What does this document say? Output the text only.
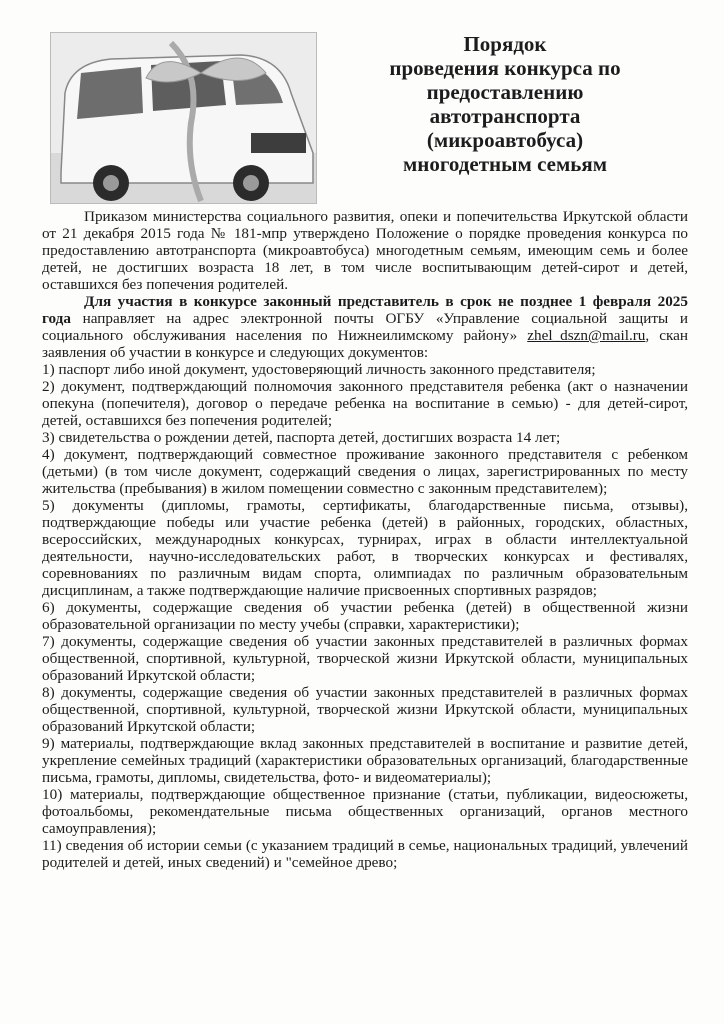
Порядок
проведения конкурса по
предоставлению
автотранспорта
(микроавтобуса)
многодетным семьям

Приказом министерства социального развития, опеки и попечительства Иркутской области от 21 декабря 2015 года № 181-мпр утверждено Положение о порядке проведения конкурса по предоставлению автотранспорта (микроавтобуса) многодетным семьям, имеющим семь и более детей, не достигших возраста 18 лет, в том числе воспитывающим детей-сирот и детей, оставшихся без попечения родителей.

Для участия в конкурсе законный представитель в срок не позднее 1 февраля 2025 года направляет на адрес электронной почты ОГБУ «Управление социальной защиты и социального обслуживания населения по Нижнеилимскому району» zhel_dszn@mail.ru, скан заявления об участии в конкурсе и следующих документов:

1) паспорт либо иной документ, удостоверяющий личность законного представителя;

2) документ, подтверждающий полномочия законного представителя ребенка (акт о назначении опекуна (попечителя), договор о передаче ребенка на воспитание в семью) - для детей-сирот, детей, оставшихся без попечения родителей;

3) свидетельства о рождении детей, паспорта детей, достигших возраста 14 лет;

4) документ, подтверждающий совместное проживание законного представителя с ребенком (детьми) (в том числе документ, содержащий сведения о лицах, зарегистрированных по месту жительства (пребывания) в жилом помещении совместно с законным представителем);

5) документы (дипломы, грамоты, сертификаты, благодарственные письма, отзывы), подтверждающие победы или участие ребенка (детей) в районных, городских, областных, всероссийских, международных конкурсах, турнирах, играх в области интеллектуальной деятельности, научно-исследовательских работ, в творческих конкурсах и фестивалях, соревнованиях по различным видам спорта, олимпиадах по различным образовательным дисциплинам, а также подтверждающие наличие присвоенных спортивных разрядов;

6) документы, содержащие сведения об участии ребенка (детей) в общественной жизни образовательной организации по месту учебы (справки, характеристики);

7) документы, содержащие сведения об участии законных представителей в различных формах общественной, спортивной, культурной, творческой жизни Иркутской области, муниципальных образований Иркутской области;

8) документы, содержащие сведения об участии законных представителей в различных формах общественной, спортивной, культурной, творческой жизни Иркутской области, муниципальных образований Иркутской области;

9) материалы, подтверждающие вклад законных представителей в воспитание и развитие детей, укрепление семейных традиций (характеристики образовательных организаций, благодарственные письма, грамоты, дипломы, свидетельства, фото- и видеоматериалы);

10) материалы, подтверждающие общественное признание (статьи, публикации, видеосюжеты, фотоальбомы, рекомендательные письма общественных организаций, органов местного самоуправления);

11) сведения об истории семьи (с указанием традиций в семье, национальных традиций, увлечений родителей и детей, иных сведений) и "семейное древо;
